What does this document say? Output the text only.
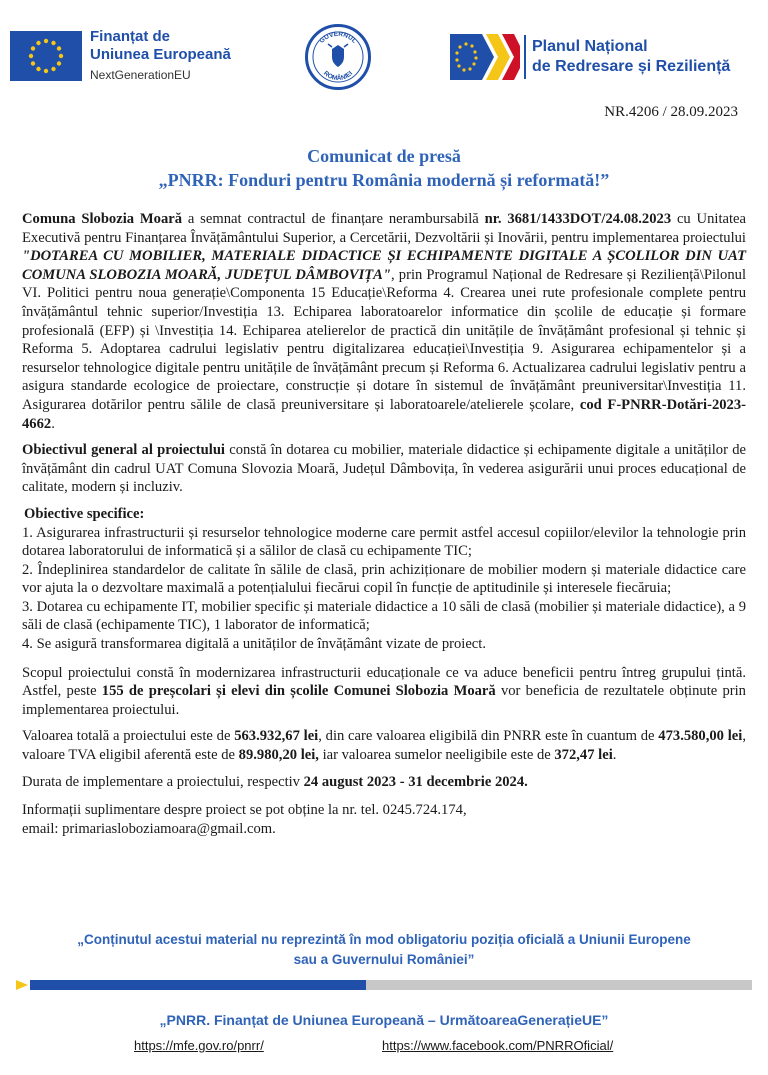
Finanțat de
Uniunea Europeană
NextGenerationEU
GUVERNUL
ROMÂNIEI
Planul Național
de Redresare și Reziliență
NR.4206 / 28.09.2023
Comunicat de presă
„PNRR: Fonduri pentru România modernă și reformată!”

Comuna Slobozia Moară a semnat contractul de finanțare nerambursabilă nr. 3681/1433DOT/24.08.2023 cu Unitatea Executivă pentru Finanțarea Învățământului Superior, a Cercetării, Dezvoltării și Inovării, pentru implementarea proiectului "DOTAREA CU MOBILIER, MATERIALE DIDACTICE ȘI ECHIPAMENTE DIGITALE A ȘCOLILOR DIN UAT COMUNA SLOBOZIA MOARĂ, JUDEȚUL DÂMBOVIȚA", prin Programul Național de Redresare și Reziliență\Pilonul VI. Politici pentru noua generație\Componenta 15 Educație\Reforma 4. Crearea unei rute profesionale complete pentru învățământul tehnic superior/Investiția 13. Echiparea laboratoarelor informatice din școlile de educație și formare profesională (EFP) și \Investiția 14. Echiparea atelierelor de practică din unitățile de învățământ profesional și tehnic și Reforma 5. Adoptarea cadrului legislativ pentru digitalizarea educației\Investiția 9. Asigurarea echipamentelor și a resurselor tehnologice digitale pentru unitățile de învățământ precum și Reforma 6. Actualizarea cadrului legislativ pentru a asigura standarde ecologice de proiectare, construcție și dotare în sistemul de învățământ preuniversitar\Investiția 11. Asigurarea dotărilor pentru sălile de clasă preuniversitare și laboratoarele/atelierele școlare, cod F-PNRR-Dotări-2023-4662.

Obiectivul general al proiectului constă în dotarea cu mobilier, materiale didactice și echipamente digitale a unităților de învățământ din cadrul UAT Comuna Slovozia Moară, Județul Dâmbovița, în vederea asigurării unui proces educațional de calitate, modern și incluziv.

Obiective specifice:

1. Asigurarea infrastructurii și resurselor tehnologice moderne care permit astfel accesul copiilor/elevilor la tehnologie prin dotarea laboratorului de informatică și a sălilor de clasă cu echipamente TIC;

2. Îndeplinirea standardelor de calitate în sălile de clasă, prin achiziționare de mobilier modern și materiale didactice care vor ajuta la o dezvoltare maximală a potențialului fiecărui copil în funcție de aptitudinile și interesele fiecăruia;

3. Dotarea cu echipamente IT, mobilier specific și materiale didactice a 10 săli de clasă (mobilier și materiale didactice), a 9 săli de clasă (echipamente TIC), 1 laborator de informatică;

4. Se asigură transformarea digitală a unităților de învățământ vizate de proiect.

Scopul proiectului constă în modernizarea infrastructurii educaționale ce va aduce beneficii pentru întreg grupului țintă. Astfel, peste 155 de preșcolari și elevi din școlile Comunei Slobozia Moară vor beneficia de rezultatele obținute prin implementarea proiectului.

Valoarea totală a proiectului este de 563.932,67 lei, din care valoarea eligibilă din PNRR este în cuantum de 473.580,00 lei, valoare TVA eligibil aferentă este de 89.980,20 lei, iar valoarea sumelor neeligibile este de 372,47 lei.

Durata de implementare a proiectului, respectiv 24 august 2023 - 31 decembrie 2024.

Informații suplimentare despre proiect se pot obține la nr. tel. 0245.724.174,

email: primariasloboziamoara@gmail.com.

„Conținutul acestui material nu reprezintă în mod obligatoriu poziția oficială a Uniunii Europene
sau a Guvernului României”
„PNRR. Finanțat de Uniunea Europeană – UrmătoareaGenerațieUE”
https://mfe.gov.ro/pnrr/	https://www.facebook.com/PNRROficial/
